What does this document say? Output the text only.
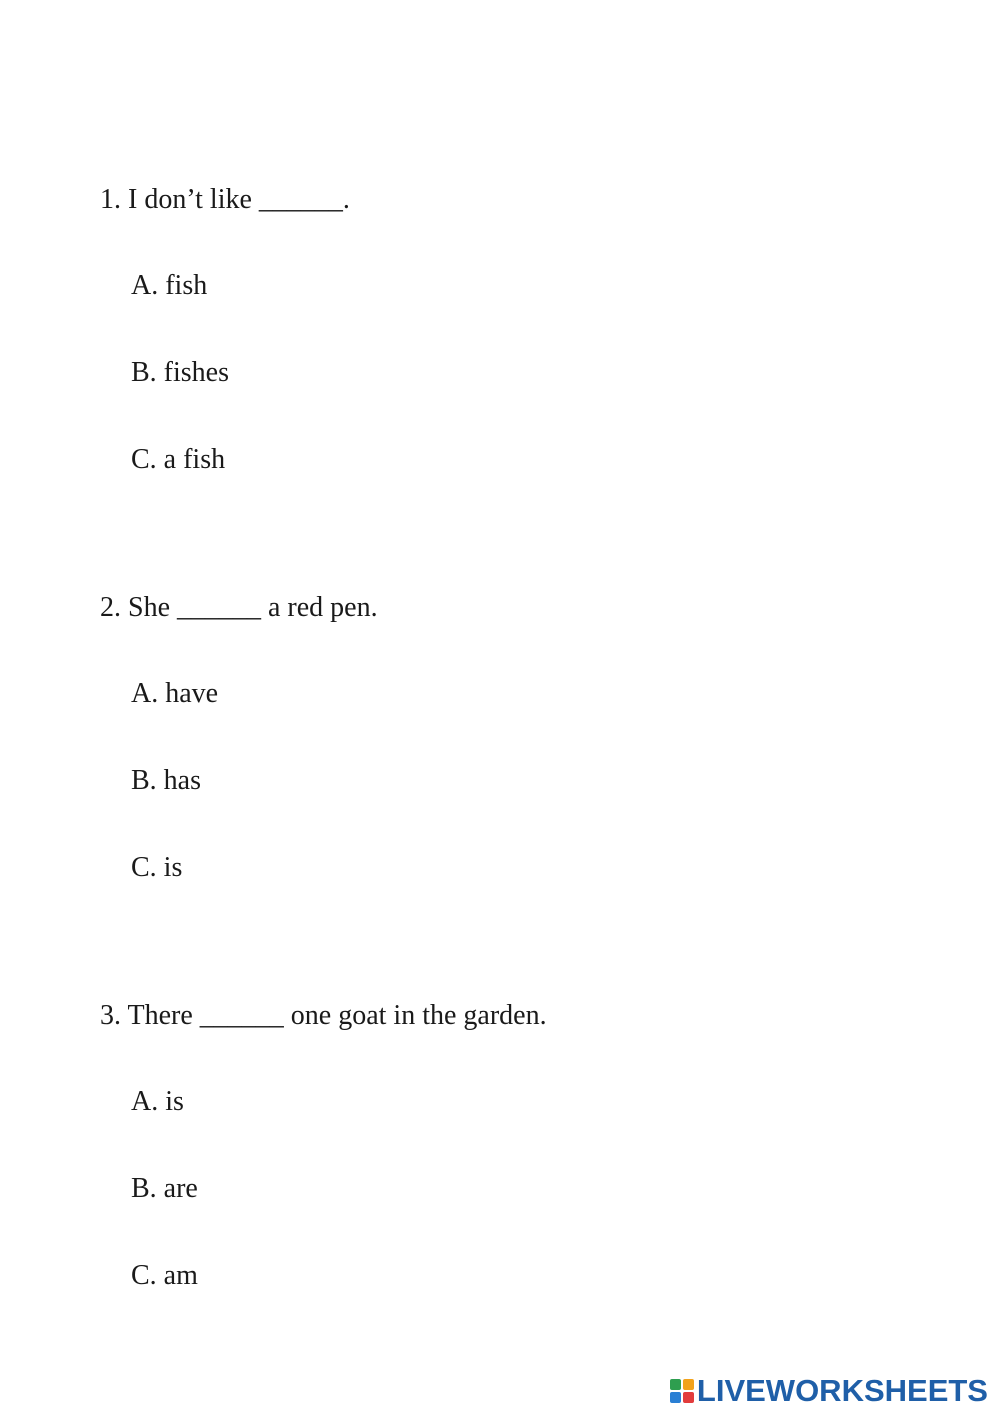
1. I don’t like ______.
A. fish
B. fishes
C. a fish
2. She ______ a red pen.
A. have
B. has
C. is
3. There ______ one goat in the garden.
A. is
B. are
C. am
LIVEWORKSHEETS
